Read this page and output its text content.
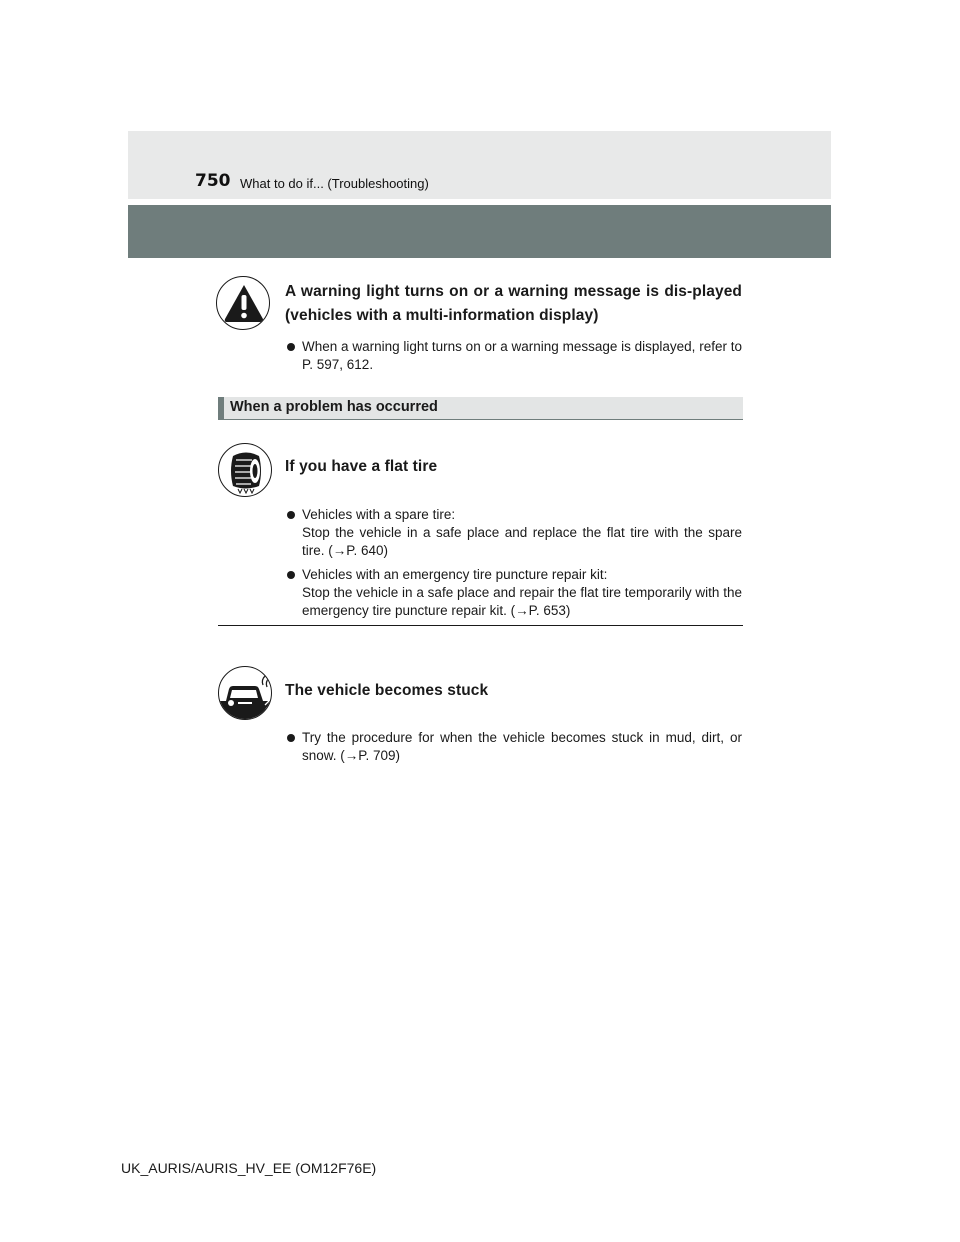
750 What to do if... (Troubleshooting)
A warning light turns on or a warning message is dis-played (vehicles with a multi-information display)
When a warning light turns on or a warning message is displayed, refer to P. 597, 612.
When a problem has occurred
If you have a flat tire
Vehicles with a spare tire:
Stop the vehicle in a safe place and replace the flat tire with the spare tire. (→P. 640)
Vehicles with an emergency tire puncture repair kit:
Stop the vehicle in a safe place and repair the flat tire temporarily with the emergency tire puncture repair kit. (→P. 653)
The vehicle becomes stuck
Try the procedure for when the vehicle becomes stuck in mud, dirt, or snow. (→P. 709)
UK_AURIS/AURIS_HV_EE (OM12F76E)
